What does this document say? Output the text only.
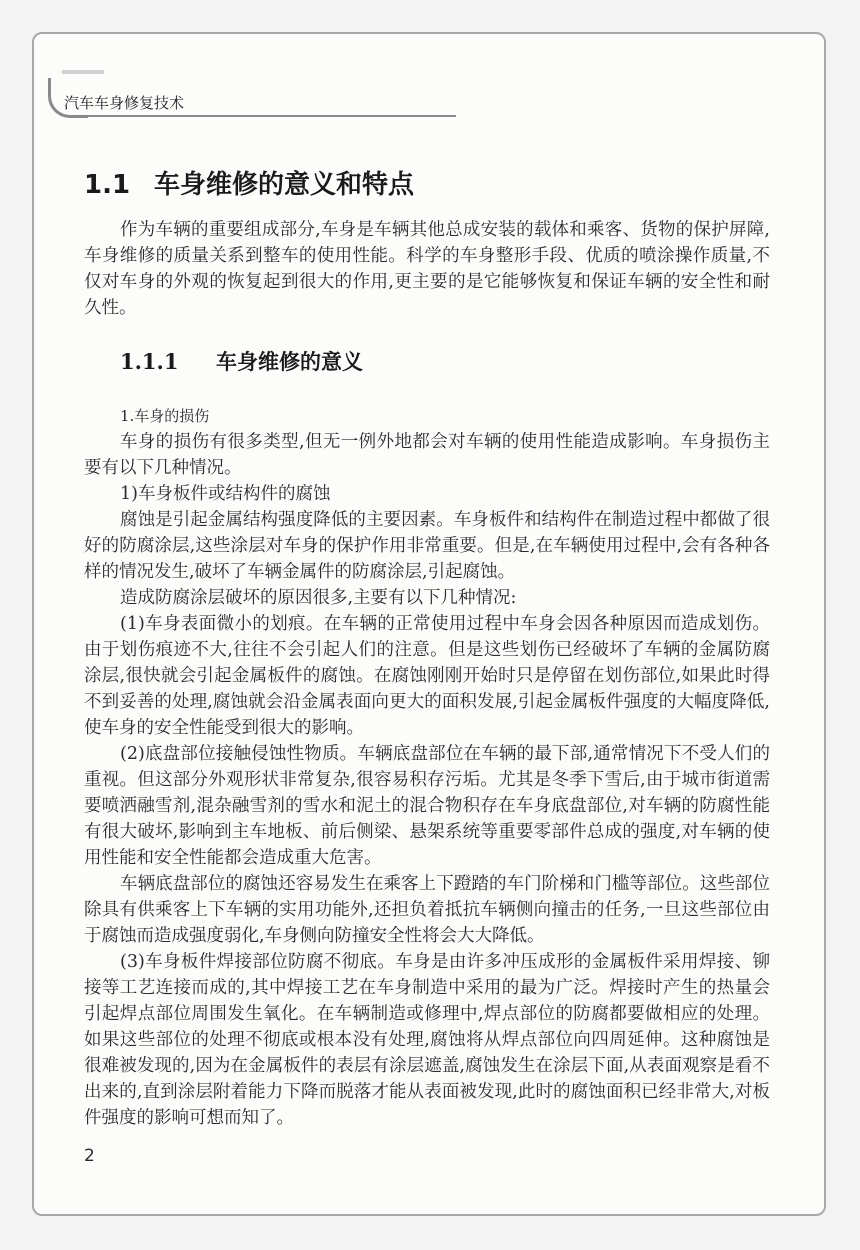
汽车车身修复技术
1.1 车身维修的意义和特点

作为车辆的重要组成部分,车身是车辆其他总成安装的载体和乘客、货物的保护屏障,车身维修的质量关系到整车的使用性能。科学的车身整形手段、优质的喷涂操作质量,不仅对车身的外观的恢复起到很大的作用,更主要的是它能够恢复和保证车辆的安全性和耐久性。

1.1.1 车身维修的意义

1.车身的损伤

车身的损伤有很多类型,但无一例外地都会对车辆的使用性能造成影响。车身损伤主要有以下几种情况。

1)车身板件或结构件的腐蚀

腐蚀是引起金属结构强度降低的主要因素。车身板件和结构件在制造过程中都做了很好的防腐涂层,这些涂层对车身的保护作用非常重要。但是,在车辆使用过程中,会有各种各样的情况发生,破坏了车辆金属件的防腐涂层,引起腐蚀。

造成防腐涂层破坏的原因很多,主要有以下几种情况:

(1)车身表面微小的划痕。在车辆的正常使用过程中车身会因各种原因而造成划伤。由于划伤痕迹不大,往往不会引起人们的注意。但是这些划伤已经破坏了车辆的金属防腐涂层,很快就会引起金属板件的腐蚀。在腐蚀刚刚开始时只是停留在划伤部位,如果此时得不到妥善的处理,腐蚀就会沿金属表面向更大的面积发展,引起金属板件强度的大幅度降低,使车身的安全性能受到很大的影响。

(2)底盘部位接触侵蚀性物质。车辆底盘部位在车辆的最下部,通常情况下不受人们的重视。但这部分外观形状非常复杂,很容易积存污垢。尤其是冬季下雪后,由于城市街道需要喷洒融雪剂,混杂融雪剂的雪水和泥土的混合物积存在车身底盘部位,对车辆的防腐性能有很大破坏,影响到主车地板、前后侧梁、悬架系统等重要零部件总成的强度,对车辆的使用性能和安全性能都会造成重大危害。

车辆底盘部位的腐蚀还容易发生在乘客上下蹬踏的车门阶梯和门槛等部位。这些部位除具有供乘客上下车辆的实用功能外,还担负着抵抗车辆侧向撞击的任务,一旦这些部位由于腐蚀而造成强度弱化,车身侧向防撞安全性将会大大降低。

(3)车身板件焊接部位防腐不彻底。车身是由许多冲压成形的金属板件采用焊接、铆接等工艺连接而成的,其中焊接工艺在车身制造中采用的最为广泛。焊接时产生的热量会引起焊点部位周围发生氧化。在车辆制造或修理中,焊点部位的防腐都要做相应的处理。如果这些部位的处理不彻底或根本没有处理,腐蚀将从焊点部位向四周延伸。这种腐蚀是很难被发现的,因为在金属板件的表层有涂层遮盖,腐蚀发生在涂层下面,从表面观察是看不出来的,直到涂层附着能力下降而脱落才能从表面被发现,此时的腐蚀面积已经非常大,对板件强度的影响可想而知了。

2
